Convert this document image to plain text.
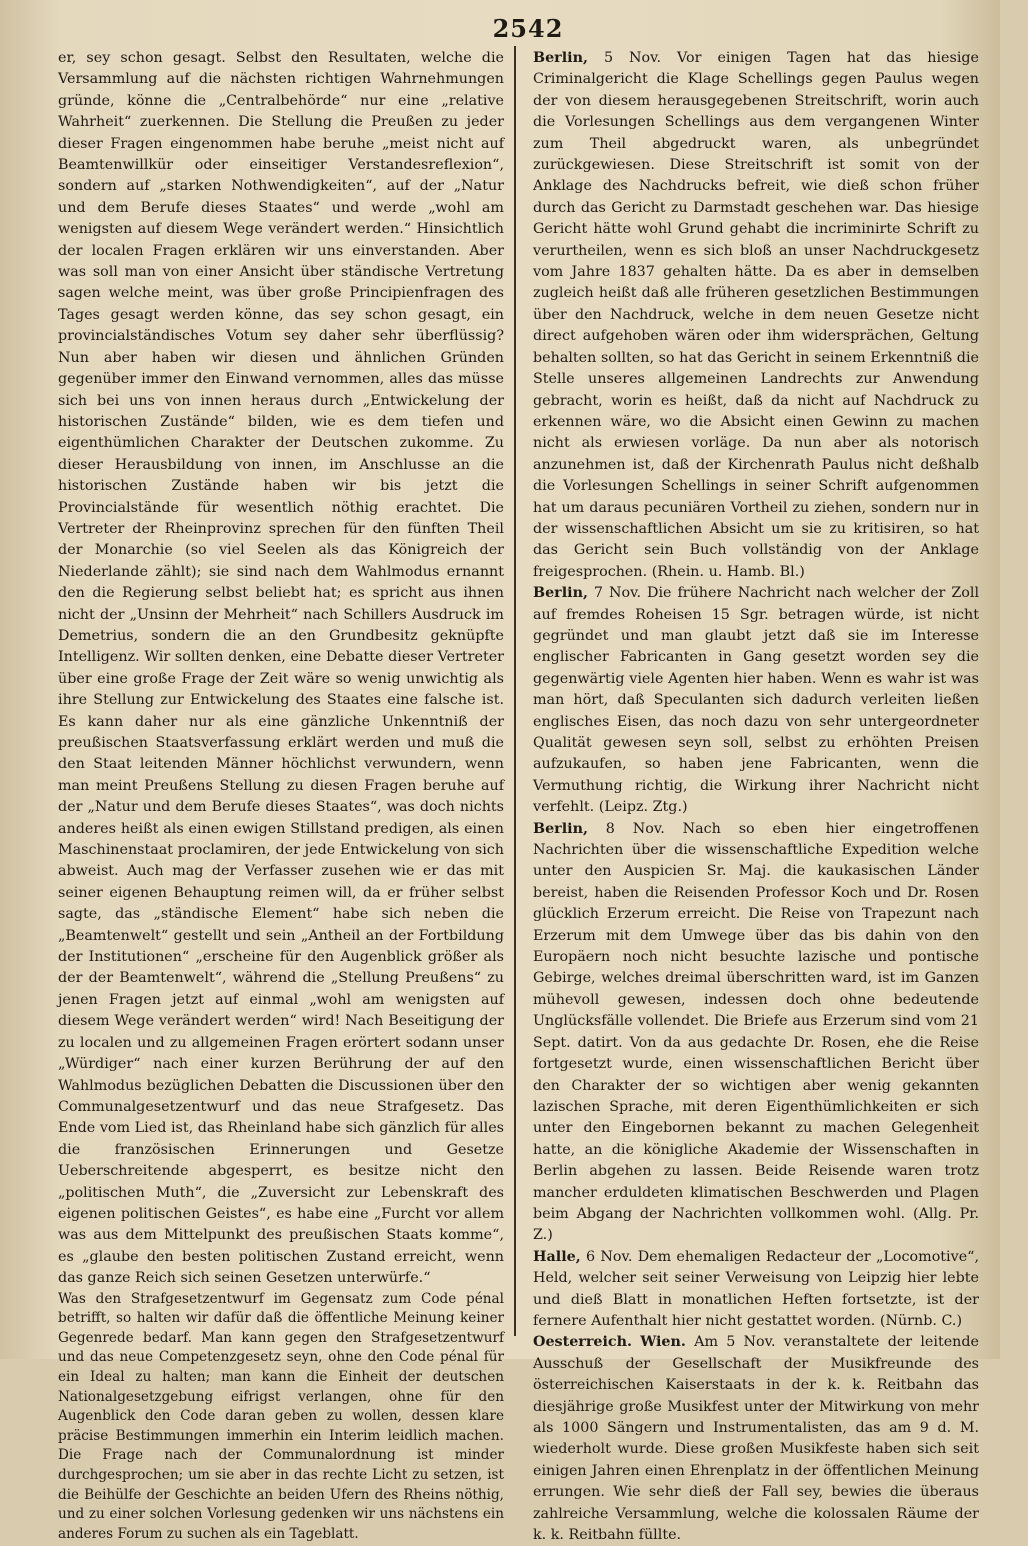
2542

er, sey schon gesagt. Selbst den Resultaten, welche die Versammlung auf die nächsten richtigen Wahrnehmungen gründe, könne die „Centralbehörde“ nur eine „relative Wahrheit“ zuerkennen. Die Stellung die Preußen zu jeder dieser Fragen eingenommen habe beruhe „meist nicht auf Beamtenwillkür oder einseitiger Verstandesreflexion“, sondern auf „starken Nothwendigkeiten“, auf der „Natur und dem Berufe dieses Staates“ und werde „wohl am wenigsten auf diesem Wege verändert werden.“ Hinsichtlich der localen Fragen erklären wir uns einverstanden. Aber was soll man von einer Ansicht über ständische Vertretung sagen welche meint, was über große Principienfragen des Tages gesagt werden könne, das sey schon gesagt, ein provincialständisches Votum sey daher sehr überflüssig? Nun aber haben wir diesen und ähnlichen Gründen gegenüber immer den Einwand vernommen, alles das müsse sich bei uns von innen heraus durch „Entwickelung der historischen Zustände“ bilden, wie es dem tiefen und eigenthümlichen Charakter der Deutschen zukomme. Zu dieser Herausbildung von innen, im Anschlusse an die historischen Zustände haben wir bis jetzt die Provincialstände für wesentlich nöthig erachtet. Die Vertreter der Rheinprovinz sprechen für den fünften Theil der Monarchie (so viel Seelen als das Königreich der Niederlande zählt); sie sind nach dem Wahlmodus ernannt den die Regierung selbst beliebt hat; es spricht aus ihnen nicht der „Unsinn der Mehrheit“ nach Schillers Ausdruck im Demetrius, sondern die an den Grundbesitz geknüpfte Intelligenz. Wir sollten denken, eine Debatte dieser Vertreter über eine große Frage der Zeit wäre so wenig unwichtig als ihre Stellung zur Entwickelung des Staates eine falsche ist. Es kann daher nur als eine gänzliche Unkenntniß der preußischen Staatsverfassung erklärt werden und muß die den Staat leitenden Männer höchlichst verwundern, wenn man meint Preußens Stellung zu diesen Fragen beruhe auf der „Natur und dem Berufe dieses Staates“, was doch nichts anderes heißt als einen ewigen Stillstand predigen, als einen Maschinenstaat proclamiren, der jede Entwickelung von sich abweist. Auch mag der Verfasser zusehen wie er das mit seiner eigenen Behauptung reimen will, da er früher selbst sagte, das „ständische Element“ habe sich neben die „Beamtenwelt“ gestellt und sein „Antheil an der Fortbildung der Institutionen“ „erscheine für den Augenblick größer als der der Beamtenwelt“, während die „Stellung Preußens“ zu jenen Fragen jetzt auf einmal „wohl am wenigsten auf diesem Wege verändert werden“ wird! Nach Beseitigung der zu localen und zu allgemeinen Fragen erörtert sodann unser „Würdiger“ nach einer kurzen Berührung der auf den Wahlmodus bezüglichen Debatten die Discussionen über den Communalgesetzentwurf und das neue Strafgesetz. Das Ende vom Lied ist, das Rheinland habe sich gänzlich für alles die französischen Erinnerungen und Gesetze Ueberschreitende abgesperrt, es besitze nicht den „politischen Muth“, die „Zuversicht zur Lebenskraft des eigenen politischen Geistes“, es habe eine „Furcht vor allem was aus dem Mittelpunkt des preußischen Staats komme“, es „glaube den besten politischen Zustand erreicht, wenn das ganze Reich sich seinen Gesetzen unterwürfe.“

Was den Strafgesetzentwurf im Gegensatz zum Code pénal betrifft, so halten wir dafür daß die öffentliche Meinung keiner Gegenrede bedarf. Man kann gegen den Strafgesetzentwurf und das neue Competenzgesetz seyn, ohne den Code pénal für ein Ideal zu halten; man kann die Einheit der deutschen Nationalgesetzgebung eifrigst verlangen, ohne für den Augenblick den Code daran geben zu wollen, dessen klare präcise Bestimmungen immerhin ein Interim leidlich machen. Die Frage nach der Communalordnung ist minder durchgesprochen; um sie aber in das rechte Licht zu setzen, ist die Beihülfe der Geschichte an beiden Ufern des Rheins nöthig, und zu einer solchen Vorlesung gedenken wir uns nächstens ein anderes Forum zu suchen als ein Tageblatt.

Berlin, 5 Nov. Vor einigen Tagen hat das hiesige Criminalgericht die Klage Schellings gegen Paulus wegen der von diesem herausgegebenen Streitschrift, worin auch die Vorlesungen Schellings aus dem vergangenen Winter zum Theil abgedruckt waren, als unbegründet zurückgewiesen. Diese Streitschrift ist somit von der Anklage des Nachdrucks befreit, wie dieß schon früher durch das Gericht zu Darmstadt geschehen war. Das hiesige Gericht hätte wohl Grund gehabt die incriminirte Schrift zu verurtheilen, wenn es sich bloß an unser Nachdruckgesetz vom Jahre 1837 gehalten hätte. Da es aber in demselben zugleich heißt daß alle früheren gesetzlichen Bestimmungen über den Nachdruck, welche in dem neuen Gesetze nicht direct aufgehoben wären oder ihm widersprächen, Geltung behalten sollten, so hat das Gericht in seinem Erkenntniß die Stelle unseres allgemeinen Landrechts zur Anwendung gebracht, worin es heißt, daß da nicht auf Nachdruck zu erkennen wäre, wo die Absicht einen Gewinn zu machen nicht als erwiesen vorläge. Da nun aber als notorisch anzunehmen ist, daß der Kirchenrath Paulus nicht deßhalb die Vorlesungen Schellings in seiner Schrift aufgenommen hat um daraus pecuniären Vortheil zu ziehen, sondern nur in der wissenschaftlichen Absicht um sie zu kritisiren, so hat das Gericht sein Buch vollständig von der Anklage freigesprochen. (Rhein. u. Hamb. Bl.)

Berlin, 7 Nov. Die frühere Nachricht nach welcher der Zoll auf fremdes Roheisen 15 Sgr. betragen würde, ist nicht gegründet und man glaubt jetzt daß sie im Interesse englischer Fabricanten in Gang gesetzt worden sey die gegenwärtig viele Agenten hier haben. Wenn es wahr ist was man hört, daß Speculanten sich dadurch verleiten ließen englisches Eisen, das noch dazu von sehr untergeordneter Qualität gewesen seyn soll, selbst zu erhöhten Preisen aufzukaufen, so haben jene Fabricanten, wenn die Vermuthung richtig, die Wirkung ihrer Nachricht nicht verfehlt. (Leipz. Ztg.)

Berlin, 8 Nov. Nach so eben hier eingetroffenen Nachrichten über die wissenschaftliche Expedition welche unter den Auspicien Sr. Maj. die kaukasischen Länder bereist, haben die Reisenden Professor Koch und Dr. Rosen glücklich Erzerum erreicht. Die Reise von Trapezunt nach Erzerum mit dem Umwege über das bis dahin von den Europäern noch nicht besuchte lazische und pontische Gebirge, welches dreimal überschritten ward, ist im Ganzen mühevoll gewesen, indessen doch ohne bedeutende Unglücksfälle vollendet. Die Briefe aus Erzerum sind vom 21 Sept. datirt. Von da aus gedachte Dr. Rosen, ehe die Reise fortgesetzt wurde, einen wissenschaftlichen Bericht über den Charakter der so wichtigen aber wenig gekannten lazischen Sprache, mit deren Eigenthümlichkeiten er sich unter den Eingebornen bekannt zu machen Gelegenheit hatte, an die königliche Akademie der Wissenschaften in Berlin abgehen zu lassen. Beide Reisende waren trotz mancher erduldeten klimatischen Beschwerden und Plagen beim Abgang der Nachrichten vollkommen wohl. (Allg. Pr. Z.)

Halle, 6 Nov. Dem ehemaligen Redacteur der „Locomotive“, Held, welcher seit seiner Verweisung von Leipzig hier lebte und dieß Blatt in monatlichen Heften fortsetzte, ist der fernere Aufenthalt hier nicht gestattet worden. (Nürnb. C.)

Oesterreich. Wien. Am 5 Nov. veranstaltete der leitende Ausschuß der Gesellschaft der Musikfreunde des österreichischen Kaiserstaats in der k. k. Reitbahn das diesjährige große Musikfest unter der Mitwirkung von mehr als 1000 Sängern und Instrumentalisten, das am 9 d. M. wiederholt wurde. Diese großen Musikfeste haben sich seit einigen Jahren einen Ehrenplatz in der öffentlichen Meinung errungen. Wie sehr dieß der Fall sey, bewies die überaus zahlreiche Versammlung, welche die kolossalen Räume der k. k. Reitbahn füllte.
